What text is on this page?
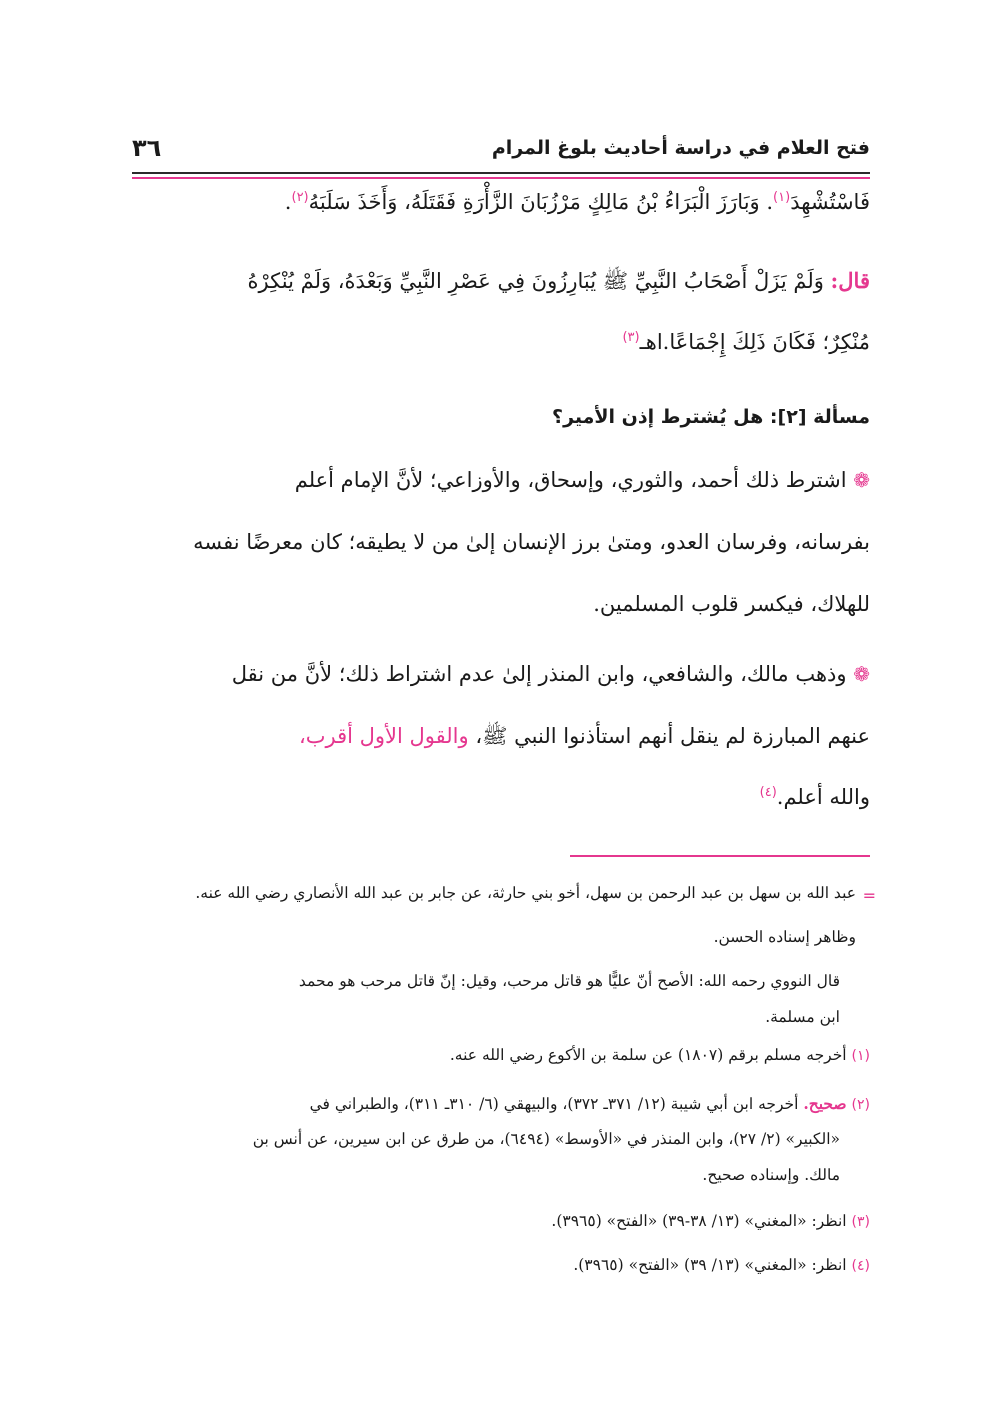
فتح العلام في دراسة أحاديث بلوغ المرام
٣٦
فَاسْتُشْهِدَ$^{(١)}$. وَبَارَزَ الْبَرَاءُ بْنُ مَالِكٍ مَرْزُبَانَ الزَّأْرَةِ فَقَتَلَهُ، وَأَخَذَ سَلَبَهُ$^{(٢)}$.
قال: وَلَمْ يَزَلْ أَصْحَابُ النَّبِيِّ ﷺ يُبَارِزُونَ فِي عَصْرِ النَّبِيِّ وَبَعْدَهُ، وَلَمْ يُنْكِرْهُ
مُنْكِرٌ؛ فَكَانَ ذَلِكَ إِجْمَاعًا.اهـ$^{(٣)}$
مسألة [٢]: هل يُشترط إذن الأمير؟
❁ اشترط ذلك أحمد، والثوري، وإسحاق، والأوزاعي؛ لأنَّ الإمام أعلم
بفرسانه، وفرسان العدو، ومتىٰ برز الإنسان إلىٰ من لا يطيقه؛ كان معرضًا نفسه
للهلاك، فيكسر قلوب المسلمين.
❁ وذهب مالك، والشافعي، وابن المنذر إلىٰ عدم اشتراط ذلك؛ لأنَّ من نقل
عنهم المبارزة لم ينقل أنهم استأذنوا النبي ﷺ، والقول الأول أقرب،
والله أعلم.$^{(٤)}$
=
عبد الله بن سهل بن عبد الرحمن بن سهل، أخو بني حارثة، عن جابر بن عبد الله الأنصاري رضي الله عنه.
وظاهر إسناده الحسن.
قال النووي رحمه الله: الأصح أنّ عليًّا هو قاتل مرحب، وقيل: إنّ قاتل مرحب هو محمد
ابن مسلمة.
(١) أخرجه مسلم برقم (١٨٠٧) عن سلمة بن الأكوع رضي الله عنه.
(٢) صحيح. أخرجه ابن أبي شيبة (١٢/ ٣٧١ـ ٣٧٢)، والبيهقي (٦/ ٣١٠ـ ٣١١)، والطبراني في
«الكبير» (٢/ ٢٧)، وابن المنذر في «الأوسط» (٦٤٩٤)، من طرق عن ابن سيرين، عن أنس بن
مالك. وإسناده صحيح.
(٣) انظر: «المغني» (١٣/ ٣٨-٣٩) «الفتح» (٣٩٦٥).
(٤) انظر: «المغني» (١٣/ ٣٩) «الفتح» (٣٩٦٥).
